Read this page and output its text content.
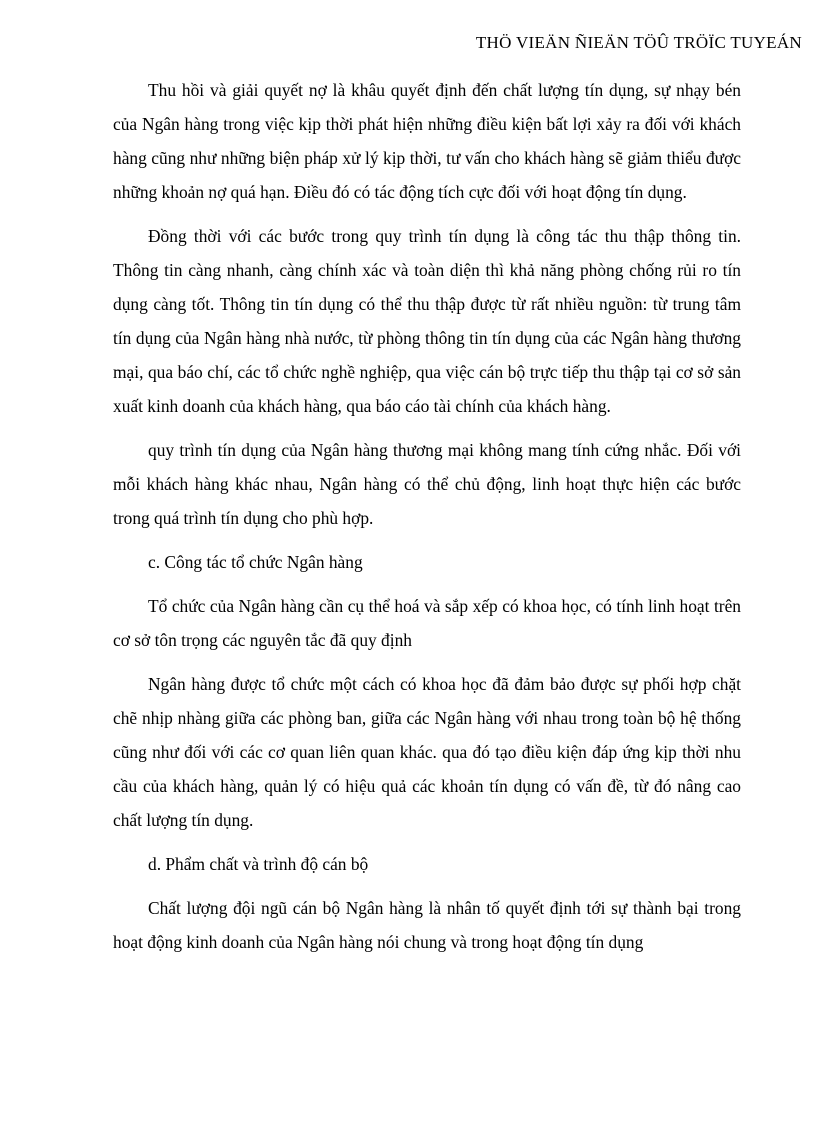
THÖ VIEÄN ÑIEÄN TÖÛ TRÖÏC TUYEÁN

Thu hồi và giải quyết nợ là khâu quyết định đến chất lượng tín dụng, sự nhạy bén của Ngân hàng trong việc kịp thời phát hiện những điều kiện bất lợi xảy ra đối với khách hàng cũng như những biện pháp xử lý kịp thời, tư vấn cho khách hàng sẽ giảm thiểu được những khoản nợ quá hạn. Điều đó có tác động tích cực đối với hoạt động tín dụng.

Đồng thời với các bước trong quy trình tín dụng là công tác thu thập thông tin. Thông tin càng nhanh, càng chính xác và toàn diện thì khả năng phòng chống rủi ro tín dụng càng tốt. Thông tin tín dụng có thể thu thập được từ rất nhiều nguồn: từ trung tâm tín dụng của Ngân hàng nhà nước, từ phòng thông tin tín dụng của các Ngân hàng thương mại, qua báo chí, các tổ chức nghề nghiệp, qua việc cán bộ trực tiếp thu thập tại cơ sở sản xuất kinh doanh của khách hàng, qua báo cáo tài chính của khách hàng.

quy trình tín dụng của Ngân hàng thương mại không mang tính cứng nhắc. Đối với mỗi khách hàng khác nhau, Ngân hàng có thể chủ động, linh hoạt thực hiện các bước trong quá trình tín dụng cho phù hợp.

c. Công tác tổ chức Ngân hàng

Tổ chức của Ngân hàng cần cụ thể hoá và sắp xếp có khoa học, có tính linh hoạt trên cơ sở tôn trọng các nguyên tắc đã quy định

Ngân hàng được tổ chức một cách có khoa học đã đảm bảo được sự phối hợp chặt chẽ nhịp nhàng giữa các phòng ban, giữa các Ngân hàng với nhau trong toàn bộ hệ thống cũng như đối với các cơ quan liên quan khác. qua đó tạo điều kiện đáp ứng kịp thời nhu cầu của khách hàng, quản lý có hiệu quả các khoản tín dụng có vấn đề, từ đó nâng cao chất lượng tín dụng.

d. Phẩm chất và trình độ cán bộ

Chất lượng đội ngũ cán bộ Ngân hàng là nhân tố quyết định tới sự thành bại trong hoạt động kinh doanh của Ngân hàng nói chung và trong hoạt động tín dụng
